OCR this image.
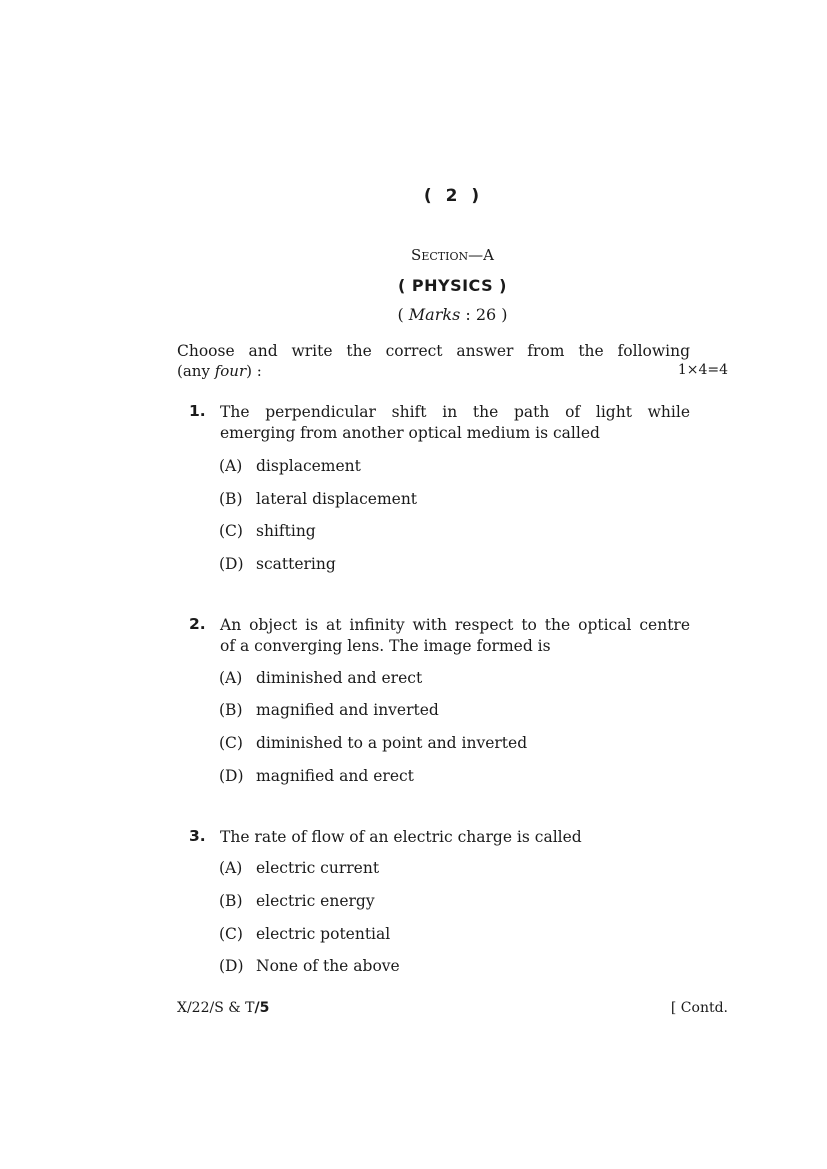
( 2 )
Section—A
( PHYSICS )
( Marks : 26 )
Choose and write the correct answer from the following
(any four) :	1×4=4
1. The perpendicular shift in the path of light while
emerging from another optical medium is called
(A) displacement
(B) lateral displacement
(C) shifting
(D) scattering
2. An object is at infinity with respect to the optical centre
of a converging lens. The image formed is
(A) diminished and erect
(B) magnified and inverted
(C) diminished to a point and inverted
(D) magnified and erect
3. The rate of flow of an electric charge is called
(A) electric current
(B) electric energy
(C) electric potential
(D) None of the above
X/22/S & T/5	[ Contd.
